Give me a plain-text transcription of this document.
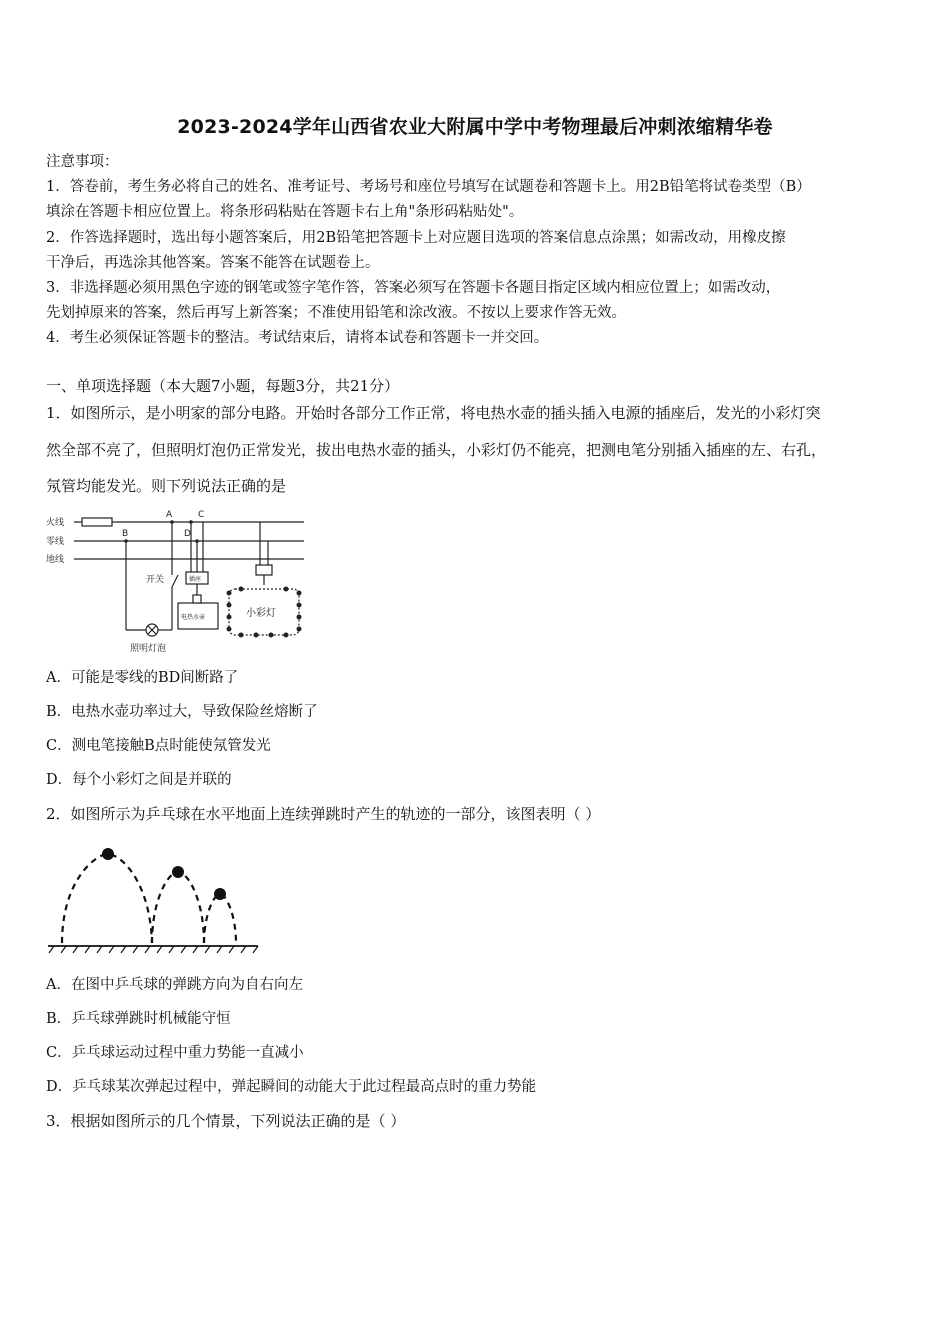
2023-2024学年山西省农业大附属中学中考物理最后冲刺浓缩精华卷
注意事项：
1．答卷前，考生务必将自己的姓名、准考证号、考场号和座位号填写在试题卷和答题卡上。用2B铅笔将试卷类型（B）
填涂在答题卡相应位置上。将条形码粘贴在答题卡右上角"条形码粘贴处"。
2．作答选择题时，选出每小题答案后，用2B铅笔把答题卡上对应题目选项的答案信息点涂黑；如需改动，用橡皮擦
干净后，再选涂其他答案。答案不能答在试题卷上。
3．非选择题必须用黑色字迹的钢笔或签字笔作答，答案必须写在答题卡各题目指定区域内相应位置上；如需改动，
先划掉原来的答案，然后再写上新答案；不准使用铅笔和涂改液。不按以上要求作答无效。
4．考生必须保证答题卡的整洁。考试结束后，请将本试卷和答题卡一并交回。
一、单项选择题（本大题7小题，每题3分，共21分）
1．如图所示，是小明家的部分电路。开始时各部分工作正常，将电热水壶的插头插入电源的插座后，发光的小彩灯突
然全部不亮了，但照明灯泡仍正常发光，拔出电热水壶的插头，小彩灯仍不能亮，把测电笔分别插入插座的左、右孔，
氖管均能发光。则下列说法正确的是
火线
零线
地线
A	C
B	D
开关	插座
电热水壶	小彩灯
照明灯泡
A．可能是零线的BD间断路了
B．电热水壶功率过大，导致保险丝熔断了
C．测电笔接触B点时能使氖管发光
D．每个小彩灯之间是并联的
2．如图所示为乒乓球在水平地面上连续弹跳时产生的轨迹的一部分，该图表明（ ）
A．在图中乒乓球的弹跳方向为自右向左
B．乒乓球弹跳时机械能守恒
C．乒乓球运动过程中重力势能一直减小
D．乒乓球某次弹起过程中，弹起瞬间的动能大于此过程最高点时的重力势能
3．根据如图所示的几个情景，下列说法正确的是（ ）
